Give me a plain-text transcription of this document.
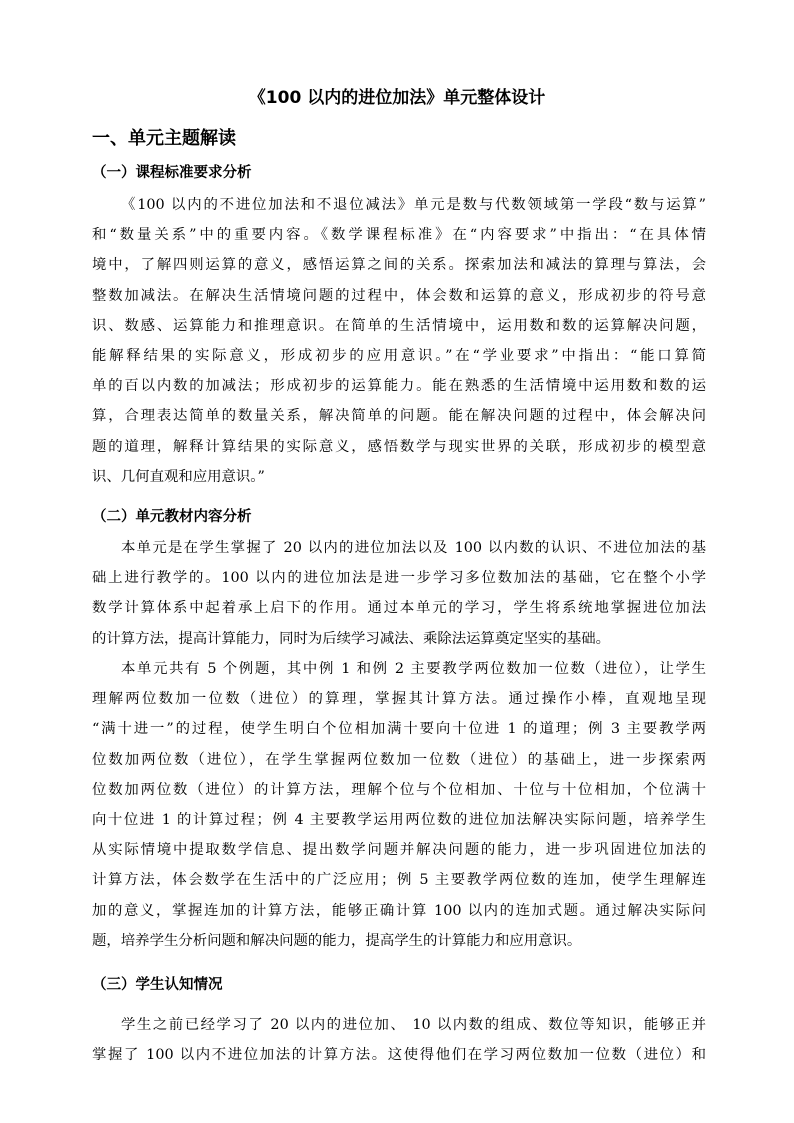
《100 以内的进位加法》单元整体设计
一、单元主题解读
（一）课程标准要求分析
《100 以内的不进位加法和不退位减法》单元是数与代数领域第一学段“数与运算”
和“数量关系”中的重要内容。《数学课程标准》在“内容要求”中指出：“在具体情
境中，了解四则运算的意义，感悟运算之间的关系。探索加法和减法的算理与算法，会
整数加减法。在解决生活情境问题的过程中，体会数和运算的意义，形成初步的符号意
识、数感、运算能力和推理意识。在简单的生活情境中，运用数和数的运算解决问题，
能解释结果的实际意义，形成初步的应用意识。”在“学业要求”中指出：“能口算简
单的百以内数的加减法；形成初步的运算能力。能在熟悉的生活情境中运用数和数的运
算，合理表达简单的数量关系，解决简单的问题。能在解决问题的过程中，体会解决问
题的道理，解释计算结果的实际意义，感悟数学与现实世界的关联，形成初步的模型意
识、几何直观和应用意识。”
（二）单元教材内容分析
本单元是在学生掌握了 20 以内的进位加法以及 100 以内数的认识、不进位加法的基
础上进行教学的。100 以内的进位加法是进一步学习多位数加法的基础，它在整个小学
数学计算体系中起着承上启下的作用。通过本单元的学习，学生将系统地掌握进位加法
的计算方法，提高计算能力，同时为后续学习减法、乘除法运算奠定坚实的基础。
本单元共有 5 个例题，其中例 1 和例 2 主要教学两位数加一位数（进位），让学生
理解两位数加一位数（进位）的算理，掌握其计算方法。通过操作小棒，直观地呈现
“满十进一”的过程，使学生明白个位相加满十要向十位进 1 的道理；例 3 主要教学两
位数加两位数（进位），在学生掌握两位数加一位数（进位）的基础上，进一步探索两
位数加两位数（进位）的计算方法，理解个位与个位相加、十位与十位相加，个位满十
向十位进 1 的计算过程；例 4 主要教学运用两位数的进位加法解决实际问题，培养学生
从实际情境中提取数学信息、提出数学问题并解决问题的能力，进一步巩固进位加法的
计算方法，体会数学在生活中的广泛应用；例 5 主要教学两位数的连加，使学生理解连
加的意义，掌握连加的计算方法，能够正确计算 100 以内的连加式题。通过解决实际问
题，培养学生分析问题和解决问题的能力，提高学生的计算能力和应用意识。
（三）学生认知情况
学生之前已经学习了 20 以内的进位加、 10 以内数的组成、数位等知识，能够正并
掌握了 100 以内不进位加法的计算方法。这使得他们在学习两位数加一位数（进位）和
